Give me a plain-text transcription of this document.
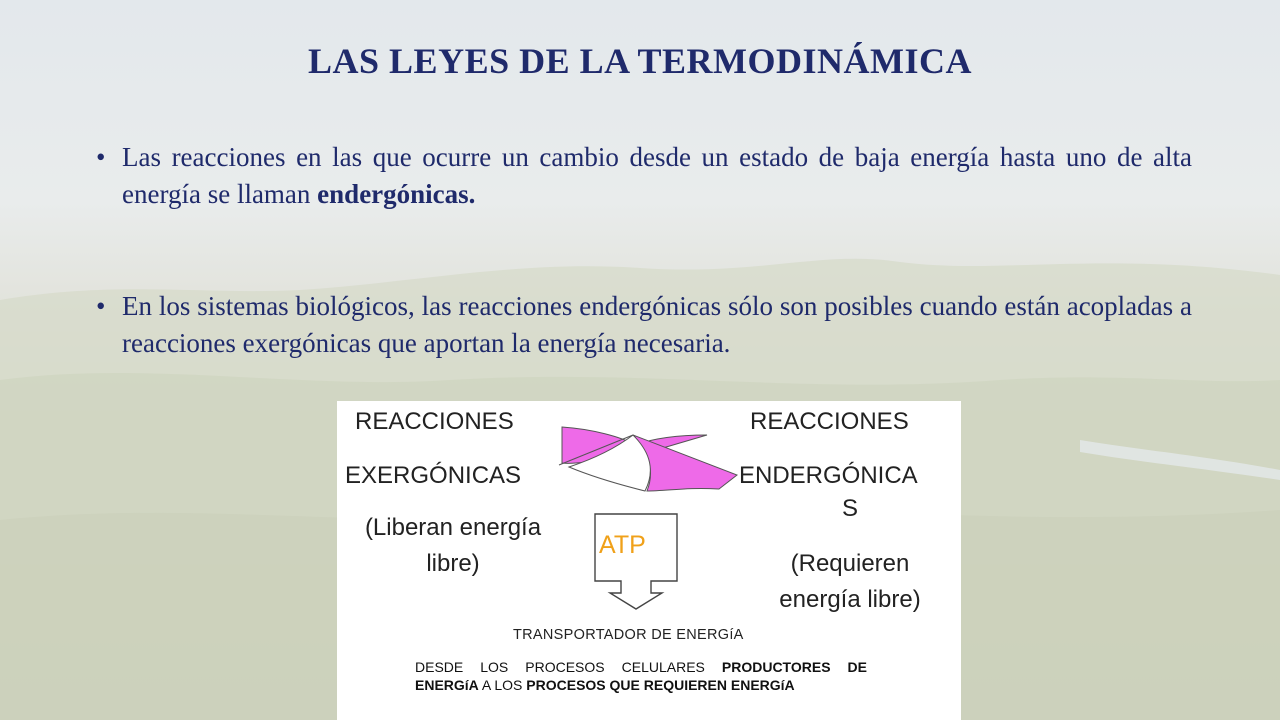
LAS LEYES DE LA TERMODINÁMICA
• Las reacciones en las que ocurre un cambio desde un estado de baja energía hasta uno de alta energía se llaman endergónicas.
• En los sistemas biológicos, las reacciones endergónicas sólo son posibles cuando están acopladas a reacciones exergónicas que aportan la energía necesaria.
REACCIONES
EXERGÓNICAS
(Liberan energía
libre)
REACCIONES
ENDERGÓNICA
S
(Requieren
energía libre)
ATP
TRANSPORTADOR DE ENERGíA
DESDE LOS PROCESOS CELULARES PRODUCTORES DE ENERGíA A LOS PROCESOS QUE REQUIEREN ENERGíA
